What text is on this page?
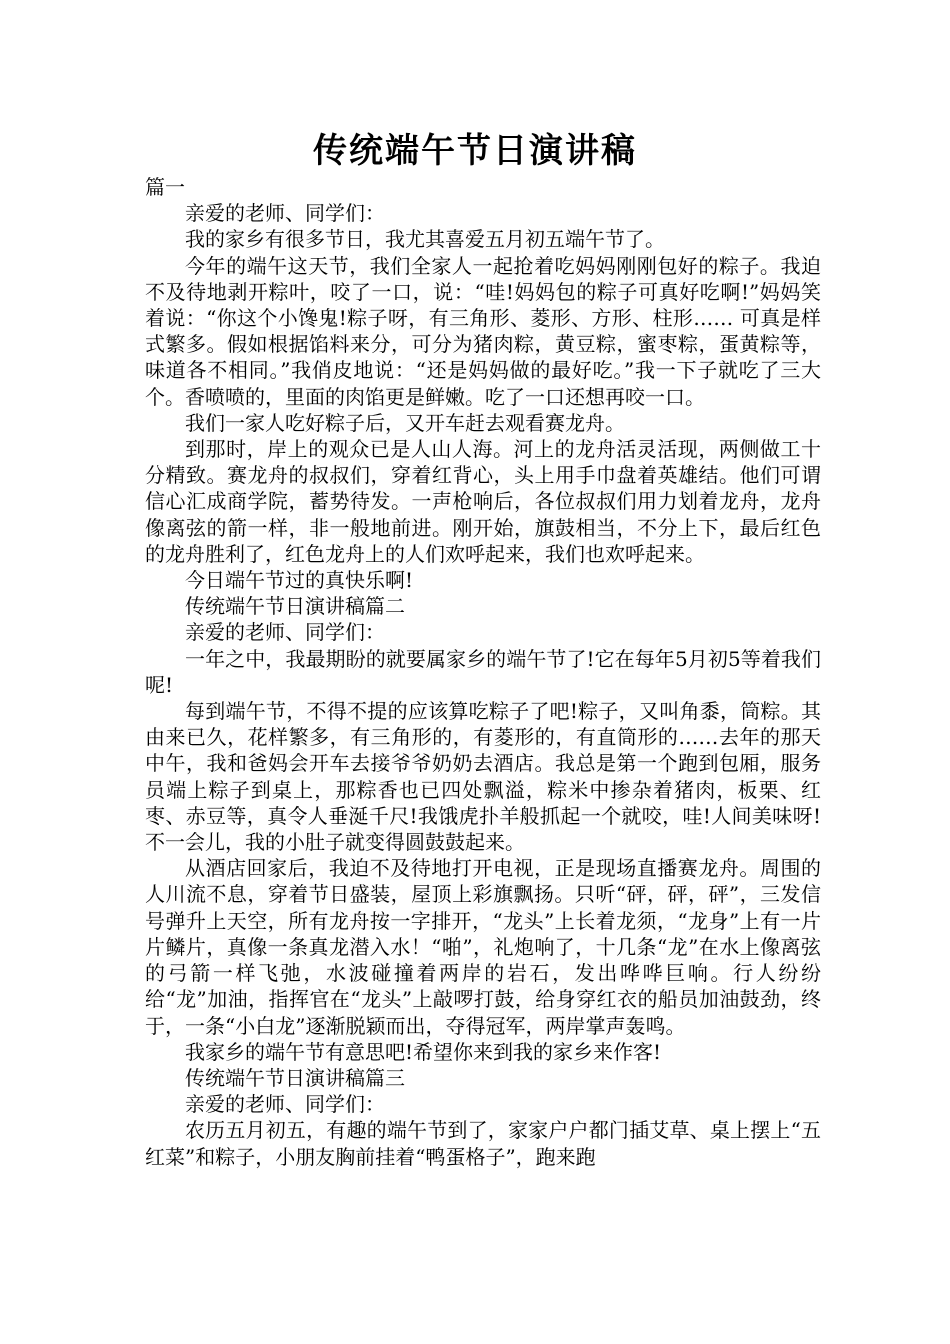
传统端午节日演讲稿

篇一

亲爱的老师、同学们：

我的家乡有很多节日，我尤其喜爱五月初五端午节了。

今年的端午这天节，我们全家人一起抢着吃妈妈刚刚包好的粽子。我迫不及待地剥开粽叶，咬了一口，说：“哇!妈妈包的粽子可真好吃啊!”妈妈笑着说：“你这个小馋鬼!粽子呀，有三角形、菱形、方形、柱形…… 可真是样式繁多。假如根据馅料来分，可分为猪肉粽，黄豆粽，蜜枣粽，蛋黄粽等，味道各不相同。”我俏皮地说：“还是妈妈做的最好吃。”我一下子就吃了三大个。香喷喷的，里面的肉馅更是鲜嫩。吃了一口还想再咬一口。

我们一家人吃好粽子后，又开车赶去观看赛龙舟。

到那时，岸上的观众已是人山人海。河上的龙舟活灵活现，两侧做工十分精致。赛龙舟的叔叔们，穿着红背心，头上用手巾盘着英雄结。他们可谓信心汇成商学院，蓄势待发。一声枪响后，各位叔叔们用力划着龙舟，龙舟像离弦的箭一样，非一般地前进。刚开始，旗鼓相当，不分上下，最后红色的龙舟胜利了，红色龙舟上的人们欢呼起来，我们也欢呼起来。

今日端午节过的真快乐啊!

传统端午节日演讲稿篇二

亲爱的老师、同学们：

一年之中，我最期盼的就要属家乡的端午节了!它在每年5月初5等着我们呢!

每到端午节，不得不提的应该算吃粽子了吧!粽子，又叫角黍，筒粽。其由来已久，花样繁多，有三角形的，有菱形的，有直筒形的……去年的那天中午，我和爸妈会开车去接爷爷奶奶去酒店。我总是第一个跑到包厢，服务员端上粽子到桌上，那粽香也已四处飘溢，粽米中掺杂着猪肉，板栗、红枣、赤豆等，真令人垂涎千尺!我饿虎扑羊般抓起一个就咬，哇!人间美味呀!不一会儿，我的小肚子就变得圆鼓鼓起来。

从酒店回家后，我迫不及待地打开电视，正是现场直播赛龙舟。周围的人川流不息，穿着节日盛装，屋顶上彩旗飘扬。只听“砰，砰，砰”，三发信号弹升上天空，所有龙舟按一字排开，“龙头”上长着龙须，“龙身”上有一片片鳞片，真像一条真龙潜入水！“啪”，礼炮响了，十几条“龙”在水上像离弦的弓箭一样飞弛，水波碰撞着两岸的岩石，发出哗哗巨响。行人纷纷给“龙”加油，指挥官在“龙头”上敲啰打鼓，给身穿红衣的船员加油鼓劲，终于，一条“小白龙”逐渐脱颖而出，夺得冠军，两岸掌声轰鸣。

我家乡的端午节有意思吧!希望你来到我的家乡来作客!

传统端午节日演讲稿篇三

亲爱的老师、同学们：

农历五月初五，有趣的端午节到了，家家户户都门插艾草、桌上摆上“五红菜”和粽子，小朋友胸前挂着“鸭蛋格子”，跑来跑
